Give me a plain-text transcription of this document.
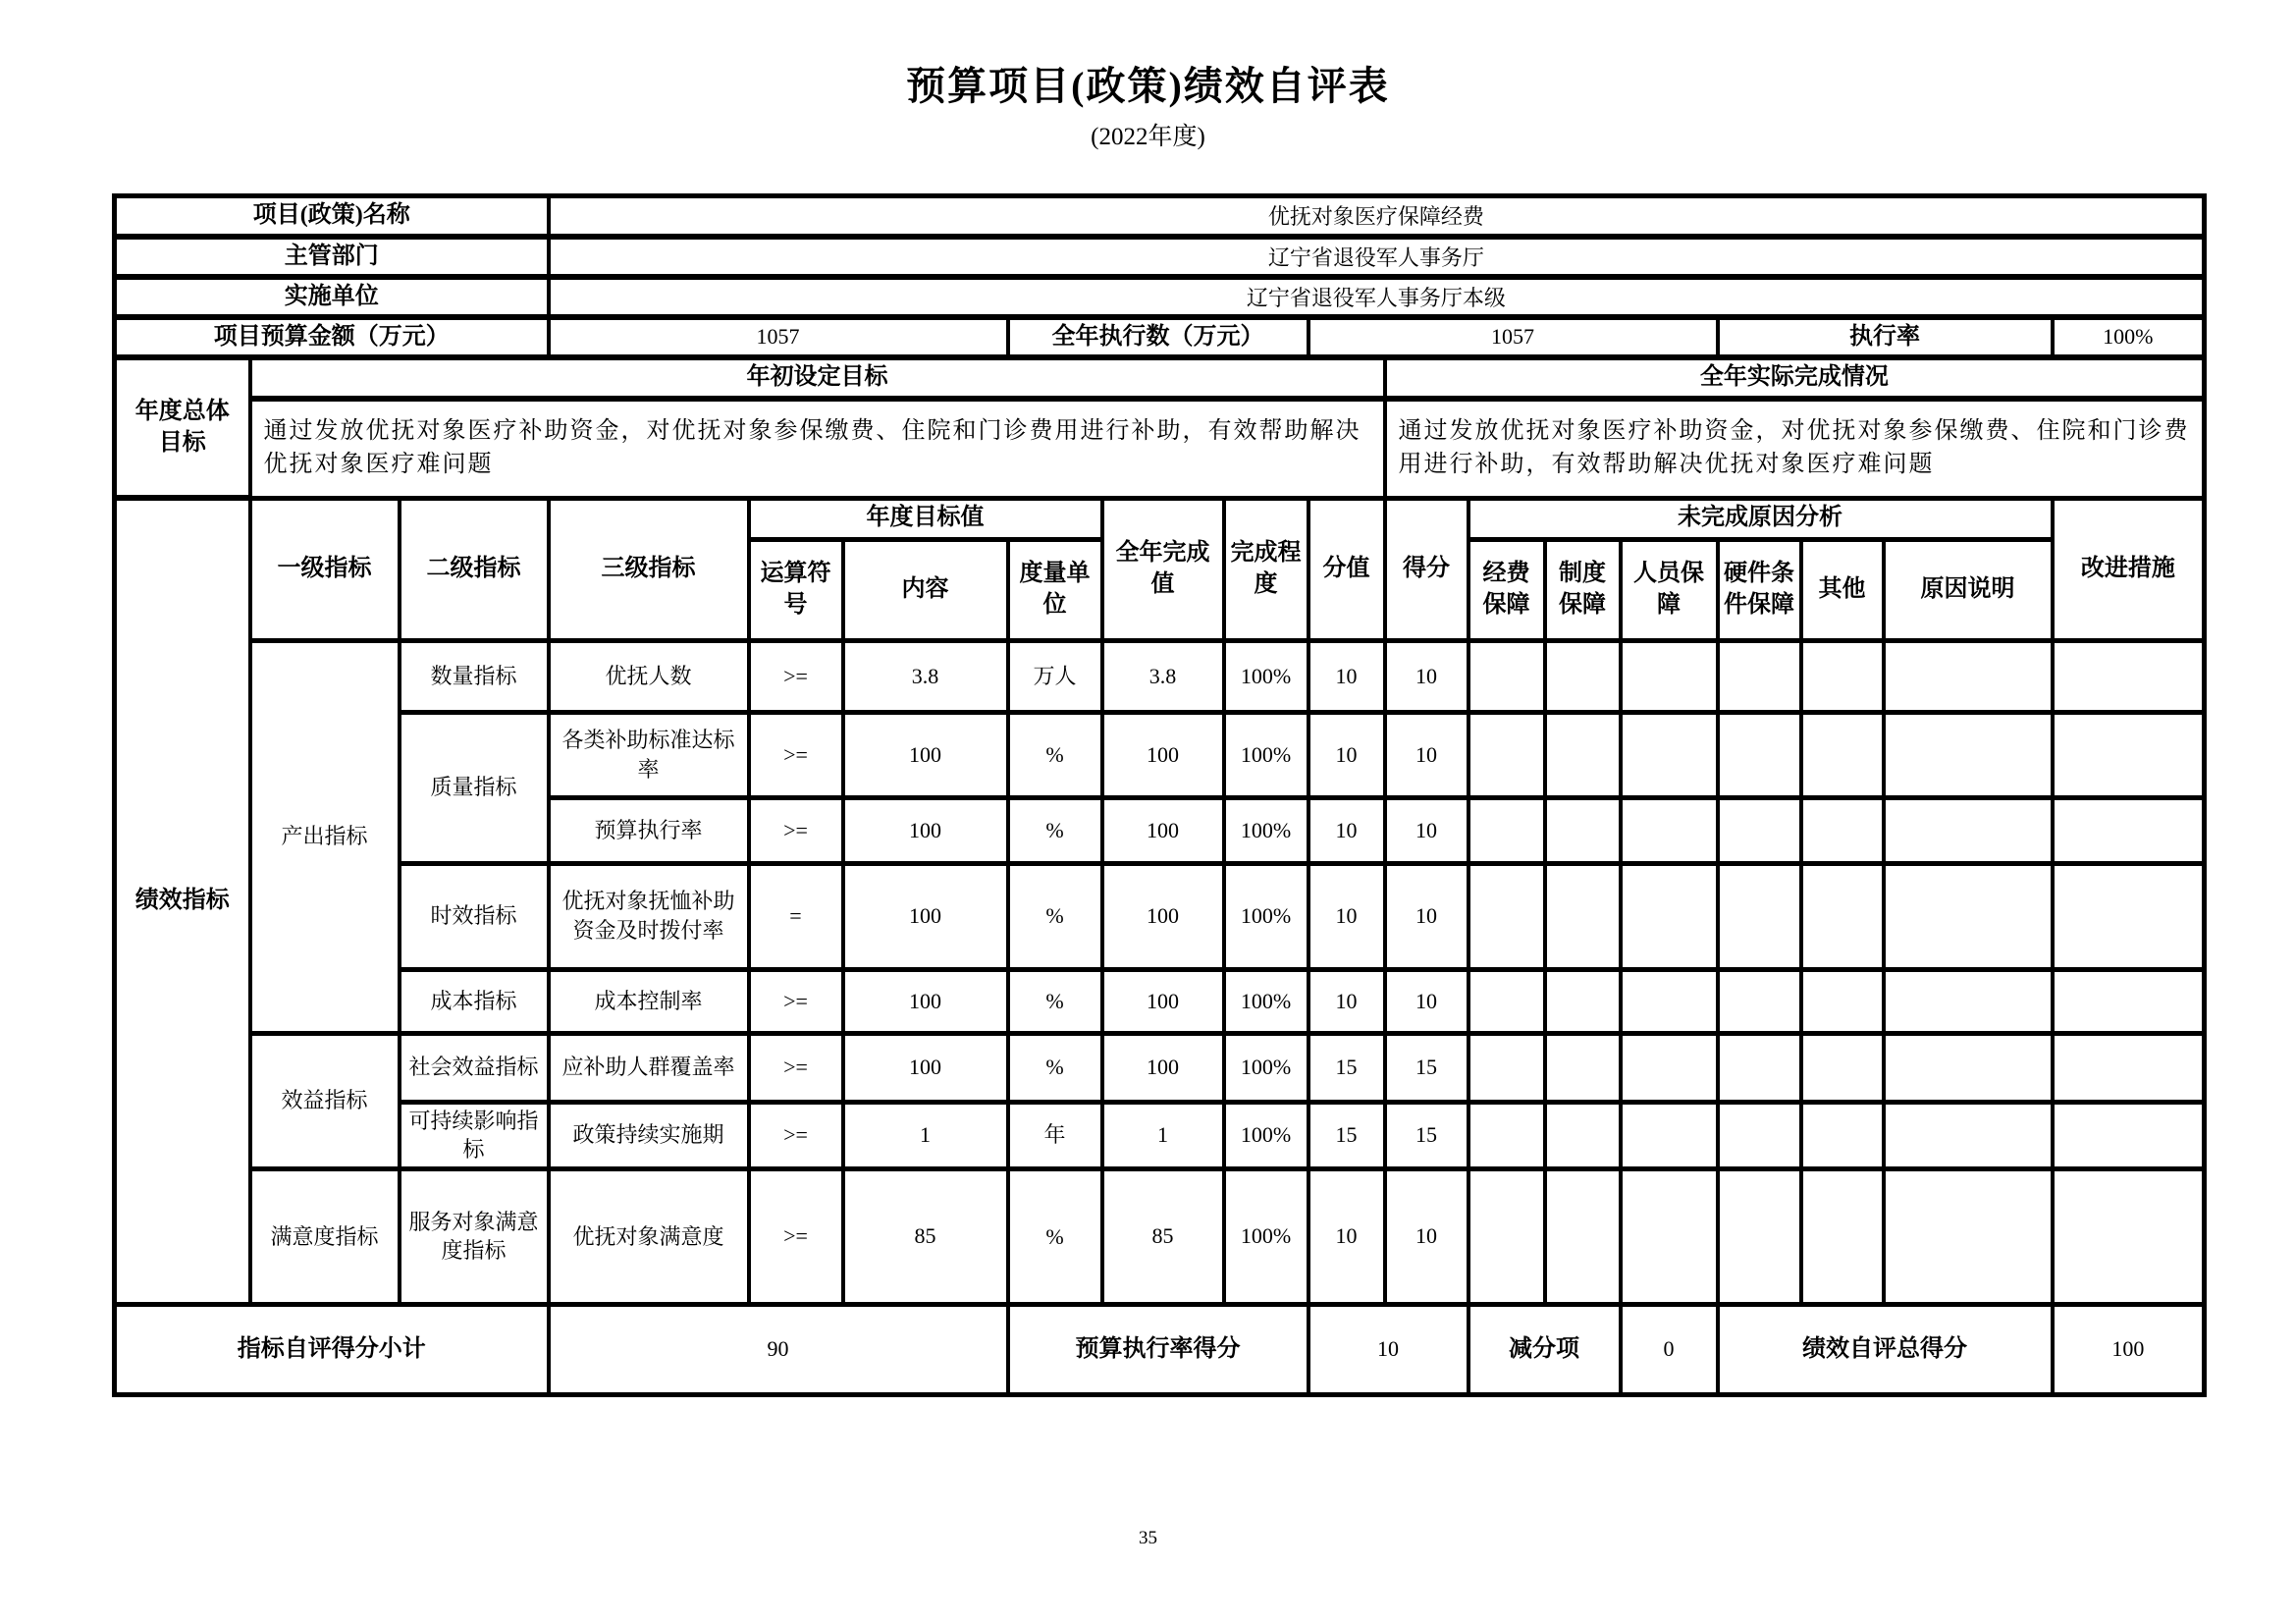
预算项目(政策)绩效自评表
(2022年度)
项目(政策)名称			优抚对象医疗保障经费														
主管部门			辽宁省退役军人事务厅														
实施单位			辽宁省退役军人事务厅本级														
项目预算金额（万元）			1057			全年执行数（万元）			1057					执行率			100%
年度总体目标	年初设定目标									全年实际完成情况							
	通过发放优抚对象医疗补助资金，对优抚对象参保缴费、住院和门诊费用进行补助，有效帮助解决优抚对象医疗难问题									通过发放优抚对象医疗补助资金，对优抚对象参保缴费、住院和门诊费用进行补助，有效帮助解决优抚对象医疗难问题							
绩效指标	一级指标	二级指标	三级指标	年度目标值			全年完成值	完成程度	分值	得分	未完成原因分析						改进措施
				运算符号	内容	度量单位					经费保障	制度保障	人员保障	硬件条件保障	其他	原因说明	
	产出指标	数量指标	优抚人数	>=	3.8	万人	3.8	100%	10	10							
		质量指标	各类补助标准达标率	>=	100	%	100	100%	10	10							
			预算执行率	>=	100	%	100	100%	10	10							
		时效指标	优抚对象抚恤补助资金及时拨付率	=	100	%	100	100%	10	10							
		成本指标	成本控制率	>=	100	%	100	100%	10	10							
	效益指标	社会效益指标	应补助人群覆盖率	>=	100	%	100	100%	15	15							
		可持续影响指标	政策持续实施期	>=	1	年	1	100%	15	15							
	满意度指标	服务对象满意度指标	优抚对象满意度	>=	85	%	85	100%	10	10							
指标自评得分小计			90			预算执行率得分			10		减分项		0	绩效自评总得分			100
35
